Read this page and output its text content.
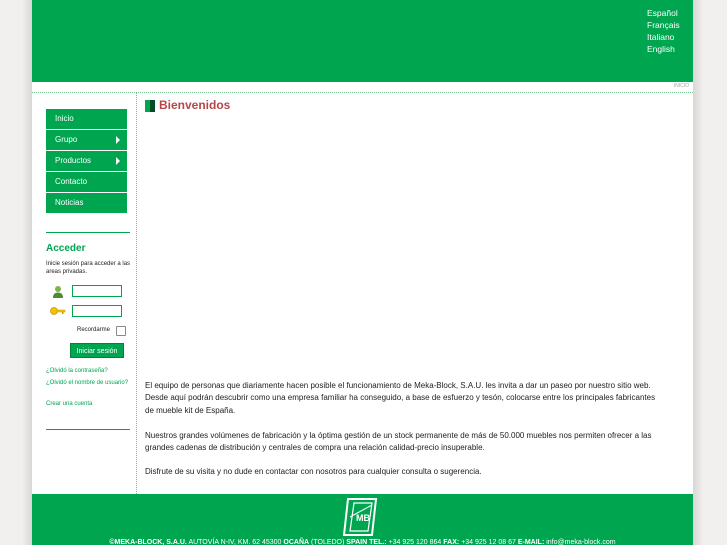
Español
Français
Italiano
English
INICIO
Inicio
Grupo
Productos
Contacto
Noticias
Acceder
Inicie sesión para acceder a las areas privadas.
Recordarme
Iniciar sesión
¿Olvidó la contraseña?
¿Olvidó el nombre de usuario?
Crear una cuenta
Bienvenidos

El equipo de personas que diariamente hacen posible el funcionamiento de Meka-Block, S.A.U. les invita a dar un paseo por nuestro sitio web. Desde aquí podrán descubrir como una empresa familiar ha conseguido, a base de esfuerzo y tesón, colocarse entre los principales fabricantes de mueble kit de España.

Nuestros grandes volúmenes de fabricación y la óptima gestión de un stock permanente de más de 50.000 muebles nos permiten ofrecer a las grandes cadenas de distribución y centrales de compra una relación calidad-precio insuperable.

Disfrute de su visita y no dude en contactar con nosotros para cualquier consulta o sugerencia.

MB
©MEKA-BLOCK, S.A.U. AUTOVÍA N-IV, KM. 62 45300 OCAÑA (TOLEDO) SPAIN TEL.: +34 925 120 864 FAX: +34 925 12 08 67 E-MAIL: info@meka-block.com
